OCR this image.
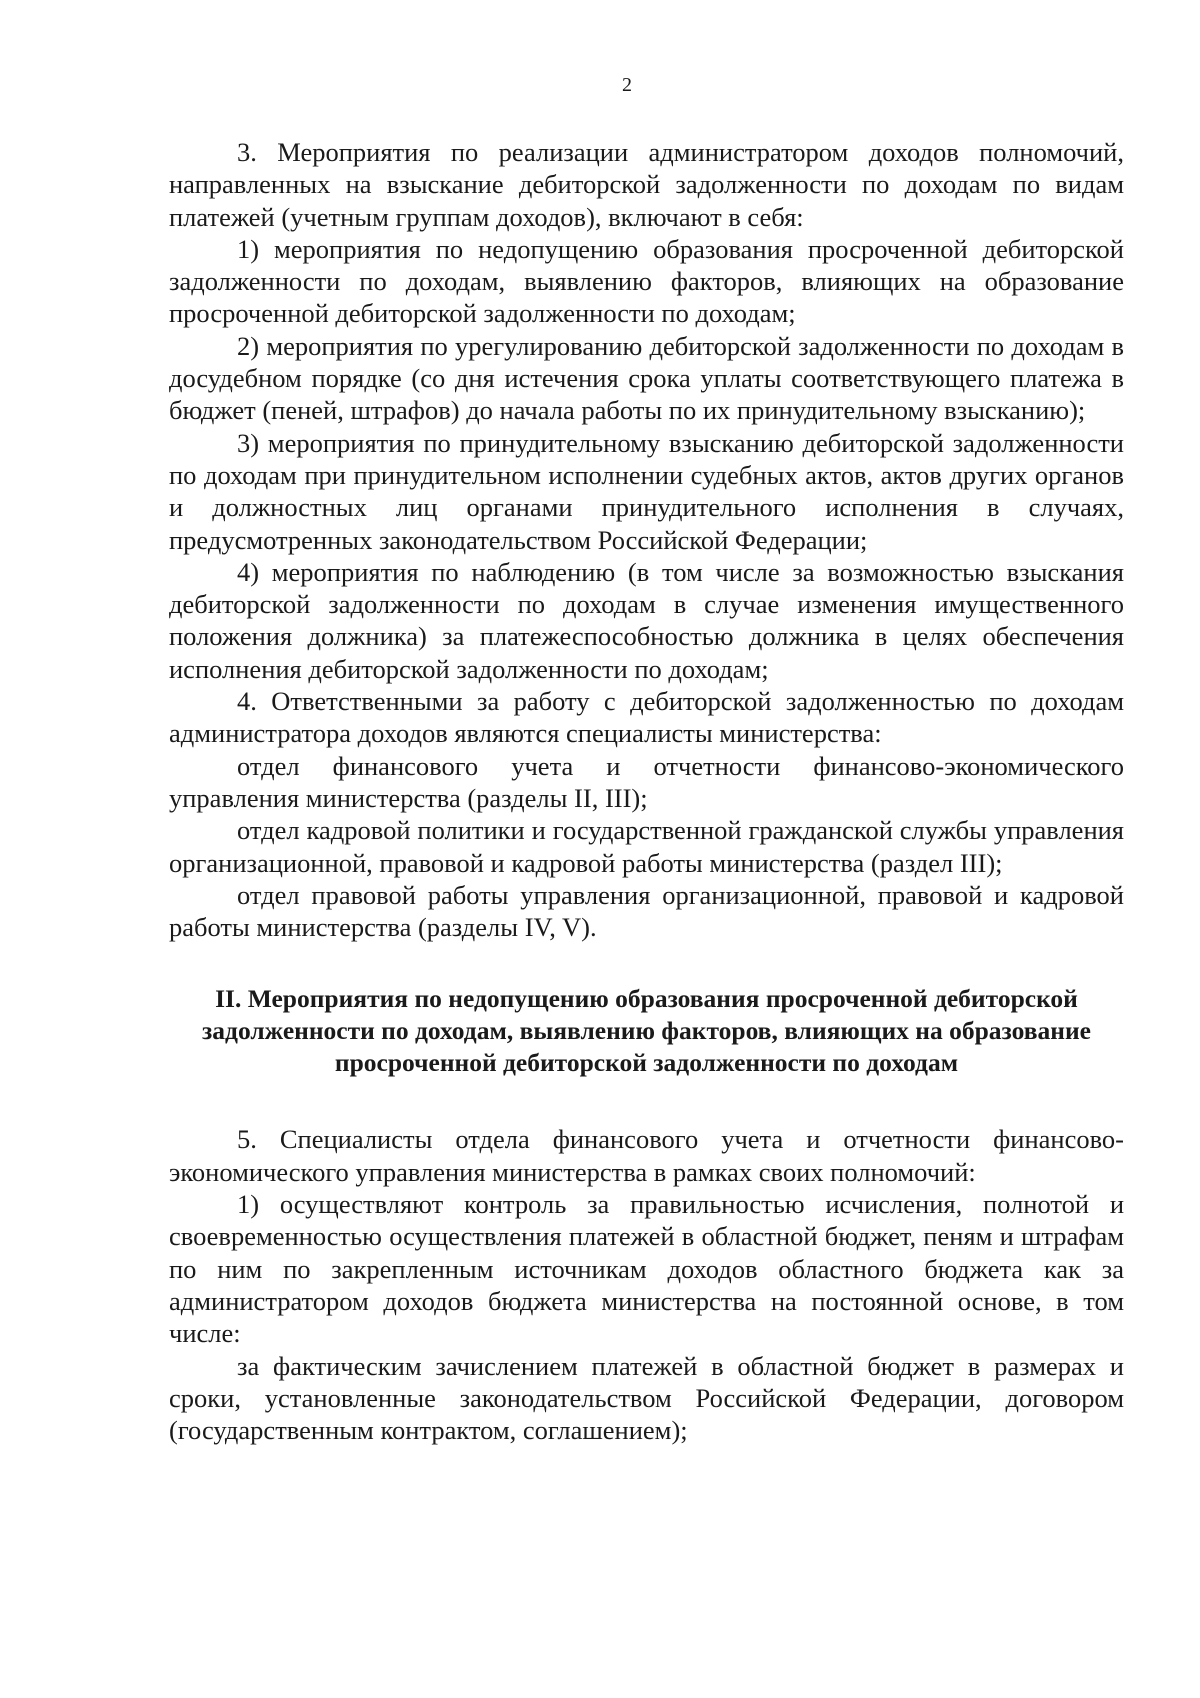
2

3. Мероприятия по реализации администратором доходов полномочий, направленных на взыскание дебиторской задолженности по доходам по видам платежей (учетным группам доходов), включают в себя:

1) мероприятия по недопущению образования просроченной дебиторской задолженности по доходам, выявлению факторов, влияющих на образование просроченной дебиторской задолженности по доходам;

2) мероприятия по урегулированию дебиторской задолженности по доходам в досудебном порядке (со дня истечения срока уплаты соответствующего платежа в бюджет (пеней, штрафов) до начала работы по их принудительному взысканию);

3) мероприятия по принудительному взысканию дебиторской задолженности по доходам при принудительном исполнении судебных актов, актов других органов и должностных лиц органами принудительного исполнения в случаях, предусмотренных законодательством Российской Федерации;

4) мероприятия по наблюдению (в том числе за возможностью взыскания дебиторской задолженности по доходам в случае изменения имущественного положения должника) за платежеспособностью должника в целях обеспечения исполнения дебиторской задолженности по доходам;

4. Ответственными за работу с дебиторской задолженностью по доходам администратора доходов являются специалисты министерства:

отдел финансового учета и отчетности финансово-экономического управления министерства (разделы II, III);

отдел кадровой политики и государственной гражданской службы управления организационной, правовой и кадровой работы министерства (раздел III);

отдел правовой работы управления организационной, правовой и кадровой работы министерства (разделы IV, V).

II. Мероприятия по недопущению образования просроченной дебиторской задолженности по доходам, выявлению факторов, влияющих на образование просроченной дебиторской задолженности по доходам

5. Специалисты отдела финансового учета и отчетности финансово-экономического управления министерства в рамках своих полномочий:

1) осуществляют контроль за правильностью исчисления, полнотой и своевременностью осуществления платежей в областной бюджет, пеням и штрафам по ним по закрепленным источникам доходов областного бюджета как за администратором доходов бюджета министерства на постоянной основе, в том числе:

за фактическим зачислением платежей в областной бюджет в размерах и сроки, установленные законодательством Российской Федерации, договором (государственным контрактом, соглашением);
